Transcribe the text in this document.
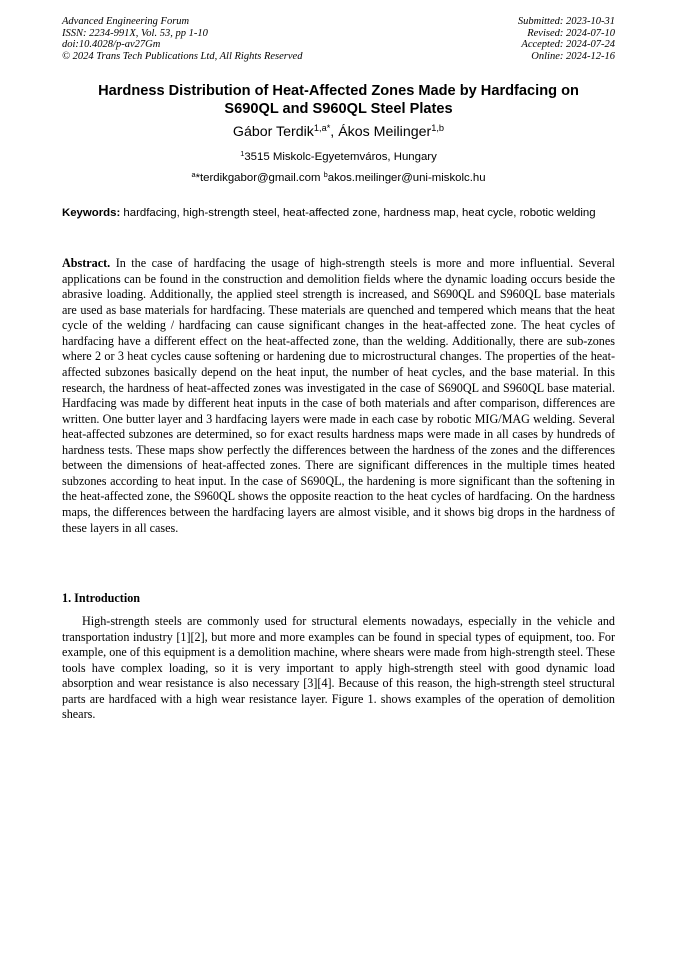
Advanced Engineering Forum
ISSN: 2234-991X, Vol. 53, pp 1-10
doi:10.4028/p-av27Gm
© 2024 Trans Tech Publications Ltd, All Rights Reserved
Submitted: 2023-10-31
Revised: 2024-07-10
Accepted: 2024-07-24
Online: 2024-12-16
Hardness Distribution of Heat-Affected Zones Made by Hardfacing on
S690QL and S960QL Steel Plates
Gábor Terdik$^{1,a*}$, Ákos Meilinger$^{1,b}$
$^1$3515 Miskolc-Egyetemváros, Hungary
$^a$*terdikgabor@gmail.com $^b$akos.meilinger@uni-miskolc.hu
Keywords: hardfacing, high-strength steel, heat-affected zone, hardness map, heat cycle, robotic welding
Abstract. In the case of hardfacing the usage of high-strength steels is more and more influential. Several applications can be found in the construction and demolition fields where the dynamic loading occurs beside the abrasive loading. Additionally, the applied steel strength is increased, and S690QL and S960QL base materials are used as base materials for hardfacing. These materials are quenched and tempered which means that the heat cycle of the welding / hardfacing can cause significant changes in the heat-affected zone. The heat cycles of hardfacing have a different effect on the heat-affected zone, than the welding. Additionally, there are sub-zones where 2 or 3 heat cycles cause softening or hardening due to microstructural changes. The properties of the heat-affected subzones basically depend on the heat input, the number of heat cycles, and the base material. In this research, the hardness of heat-affected zones was investigated in the case of S690QL and S960QL base material. Hardfacing was made by different heat inputs in the case of both materials and after comparison, differences are written. One butter layer and 3 hardfacing layers were made in each case by robotic MIG/MAG welding. Several heat-affected subzones are determined, so for exact results hardness maps were made in all cases by hundreds of hardness tests. These maps show perfectly the differences between the hardness of the zones and the differences between the dimensions of heat-affected zones. There are significant differences in the multiple times heated subzones according to heat input. In the case of S690QL, the hardening is more significant than the softening in the heat-affected zone, the S960QL shows the opposite reaction to the heat cycles of hardfacing. On the hardness maps, the differences between the hardfacing layers are almost visible, and it shows big drops in the hardness of these layers in all cases.
1. Introduction
High-strength steels are commonly used for structural elements nowadays, especially in the vehicle and transportation industry [1][2], but more and more examples can be found in special types of equipment, too. For example, one of this equipment is a demolition machine, where shears were made from high-strength steel. These tools have complex loading, so it is very important to apply high-strength steel with good dynamic load absorption and wear resistance is also necessary [3][4]. Because of this reason, the high-strength steel structural parts are hardfaced with a high wear resistance layer. Figure 1. shows examples of the operation of demolition shears.
